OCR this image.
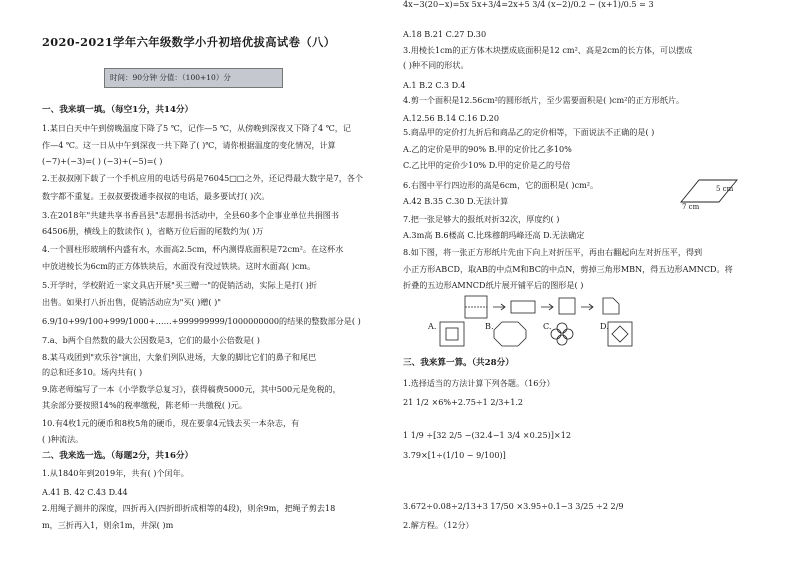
2020-2021学年六年级数学小升初培优拔高试卷（八）
时间：90分钟 分值：（100+10）分
一、我来填一填。（每空1分，共14分）
1.某日白天中午到傍晚温度下降了5 ℃，记作—5 ℃，从傍晚到深夜又下降了4 ℃，记
作—4 ℃。这一日从中午到深夜一共下降了( )℃，请你根据温度的变化情况，计算
(−7)+(−3)=( ) (−3)+(−5)=( )
2.王叔叔刚下载了一个手机应用的电话号码是76045□□之外，还记得最大数字是7，各个
数字都不重复。王叔叔要拨通李叔叔的电话，最多要试打( )次。
3.在2018年"共建共享书香昌县"志愿捐书活动中，全县60多个企事业单位共捐图书
64506册，横线上的数读作( )，省略万位后面的尾数约为( )万
4.一个圆柱形玻璃杯内盛有水，水面高2.5cm，杯内测得底面积是72cm²。在这杯水
中放进棱长为6cm的正方体铁块后，水面没有没过铁块。这时水面高( )cm。
5.开学时，学校附近一家文具店开展"买三赠一"的促销活动，实际上是打( )折
出售。如果打八折出售，促销活动应为"买( )赠( )"
6.9/10+99/100+999/1000+……+999999999/1000000000的结果的整数部分是( )
7.a、b两个自然数的最大公因数是3，它们的最小公倍数是( )
8.某马戏团到"欢乐谷"演出，大象们列队进场，大象的脚比它们的鼻子和尾巴
的总和还多10。场内共有( )
9.陈老师编写了一本《小学数学总复习》，获得稿费5000元，其中500元是免税的，
其余部分要按照14%的税率缴税，陈老师一共缴税( )元。
10.有4枚1元的硬币和8枚5角的硬币，现在要拿4元钱去买一本杂志，有
( )种流法。
二、我来选一选。（每题2分，共16分）
1.从1840年到2019年，共有( )个闰年。
A.41 B. 42 C.43 D.44
2.用绳子测井的深度，四折再入(四折即折成相等的4段)，则余9m，把绳子剪去18
m，三折再入1，则余1m，井深( )m
A.18 B.21 C.27 D.30
3.用棱长1cm的正方体木块摆成底面积是12 cm²、高是2cm的长方体，可以摆成
( )种不同的形状。
A.1 B.2 C.3 D.4
4.剪一个面积是12.56cm²的圆形纸片，至少需要面积是( )cm²的正方形纸片。
A.12.56 B.14 C.16 D.20
5.商品甲的定价打九折后和商品乙的定价相等，下面说法不正确的是( )
A.乙的定价是甲的90% B.甲的定价比乙多10%
C.乙比甲的定价少10% D.甲的定价是乙的号倍
6.右图中平行四边形的高是6cm，它的面积是( )cm²。
A.42 B.35 C.30 D.无法计算
7.把一张足够大的报纸对折32次，厚度约( )
A.3m高 B.6楼高 C.比珠穆朗玛峰还高 D.无法确定
8.如下图，将一张正方形纸片先由下向上对折压平，再由右翻起向左对折压平，得到
小正方形ABCD，取AB的中点M和BC的中点N，剪掉三角形MBN，得五边形AMNCD。将
折叠的五边形AMNCD纸片展开铺平后的图形是( )
三、我来算一算。（共28分）
1.选择适当的方法计算下列各题。（16分）
21 1/2 ×6%+2.75÷1 2/3+1.2
1 1/9 ÷[32 2/5 −(32.4−1 3/4 ×0.25)]×12
3.79×[1÷(1/10 − 9/100)]
3.672÷0.08÷2/13+3 17/50 ×3.95÷0.1−3 3/25 ÷2 2/9
2.解方程。（12分）
4x−3(20−x)=5x 5x+3/4=2x+5 3/4 (x−2)/0.2 − (x+1)/0.5 = 3
5 cm
7 cm
A.	B.	C.	D.
